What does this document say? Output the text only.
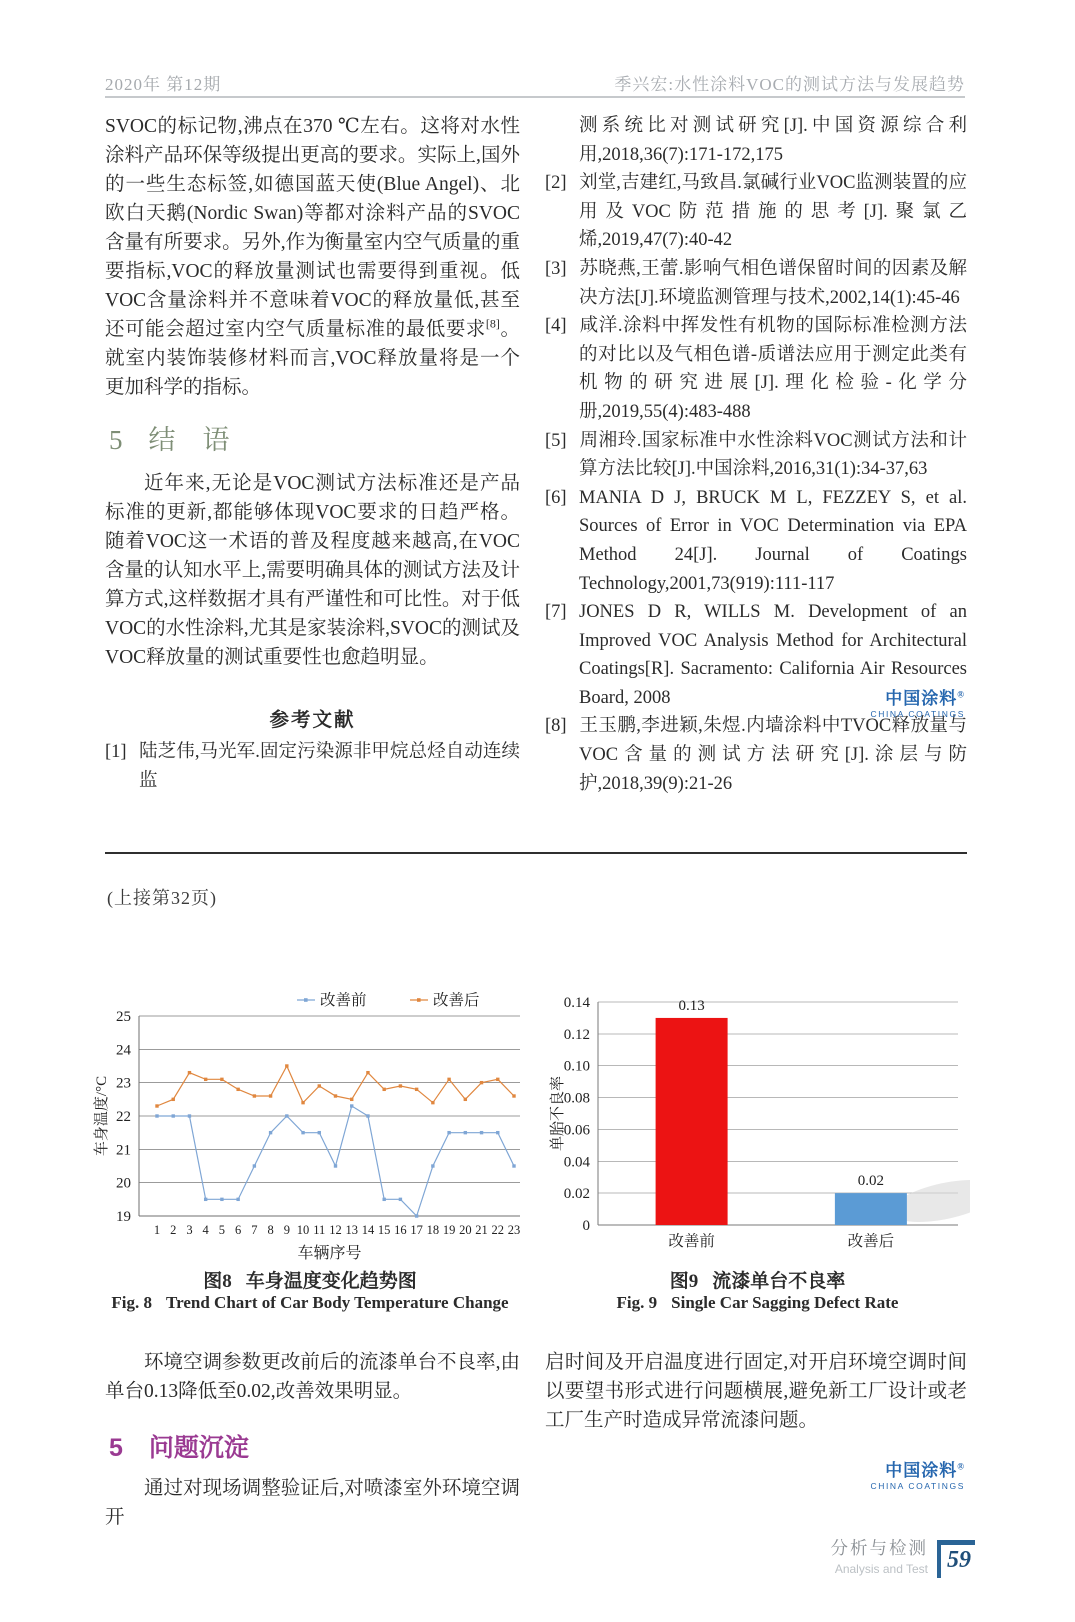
2020年 第12期	季兴宏:水性涂料VOC的测试方法与发展趋势

SVOC的标记物,沸点在370 ℃左右。这将对水性涂料产品环保等级提出更高的要求。实际上,国外的一些生态标签,如德国蓝天使(Blue Angel)、北欧白天鹅(Nordic Swan)等都对涂料产品的SVOC含量有所要求。另外,作为衡量室内空气质量的重要指标,VOC的释放量测试也需要得到重视。低VOC含量涂料并不意味着VOC的释放量低,甚至还可能会超过室内空气质量标准的最低要求[8]。就室内装饰装修材料而言,VOC释放量将是一个更加科学的指标。

5 结　语

近年来,无论是VOC测试方法标准还是产品标准的更新,都能够体现VOC要求的日趋严格。随着VOC这一术语的普及程度越来越高,在VOC含量的认知水平上,需要明确具体的测试方法及计算方式,这样数据才具有严谨性和可比性。对于低VOC的水性涂料,尤其是家装涂料,SVOC的测试及VOC释放量的测试重要性也愈趋明显。

参考文献
[1] 陆芝伟,马光军.固定污染源非甲烷总烃自动连续监
测系统比对测试研究[J].中国资源综合利用,2018,36(7):171-172,175
[2] 刘堂,吉建红,马致昌.氯碱行业VOC监测装置的应用及VOC防范措施的思考[J].聚氯乙烯,2019,47(7):40-42
[3] 苏晓燕,王蕾.影响气相色谱保留时间的因素及解决方法[J].环境监测管理与技术,2002,14(1):45-46
[4] 咸洋.涂料中挥发性有机物的国际标准检测方法的对比以及气相色谱-质谱法应用于测定此类有机物的研究进展[J].理化检验-化学分册,2019,55(4):483-488
[5] 周湘玲.国家标准中水性涂料VOC测试方法和计算方法比较[J].中国涂料,2016,31(1):34-37,63
[6] MANIA D J, BRUCK M L, FEZZEY S, et al. Sources of Error in VOC Determination via EPA Method 24[J]. Journal of Coatings Technology,2001,73(919):111-117
[7] JONES D R, WILLS M. Development of an Improved VOC Analysis Method for Architectural Coatings[R]. Sacramento: California Air Resources Board, 2008
[8] 王玉鹏,李进颖,朱煜.内墙涂料中TVOC释放量与VOC含量的测试方法研究[J].涂层与防护,2018,39(9):21-26
中国涂料®
CHINA COATINGS
(上接第32页)
19
20
21
22
23
24
25
车身温度/°C
1 2 3 4 5 6 7 8 9 10 11 12 13 14 15 16 17 18 19 20 21 22 23
车辆序号
改善前	改善后
0
0.02
0.04
0.06
0.08
0.10
0.12
0.14
单胎不良率
0.13
改善前
0.02
改善后
图8 车身温度变化趋势图
Fig. 8 Trend Chart of Car Body Temperature Change
图9 流漆单台不良率
Fig. 9 Single Car Sagging Defect Rate

环境空调参数更改前后的流漆单台不良率,由单台0.13降低至0.02,改善效果明显。

5 问题沉淀

通过对现场调整验证后,对喷漆室外环境空调开

启时间及开启温度进行固定,对开启环境空调时间以要望书形式进行问题横展,避免新工厂设计或老工厂生产时造成异常流漆问题。

中国涂料®
CHINA COATINGS
分析与检测
Analysis and Test 59
